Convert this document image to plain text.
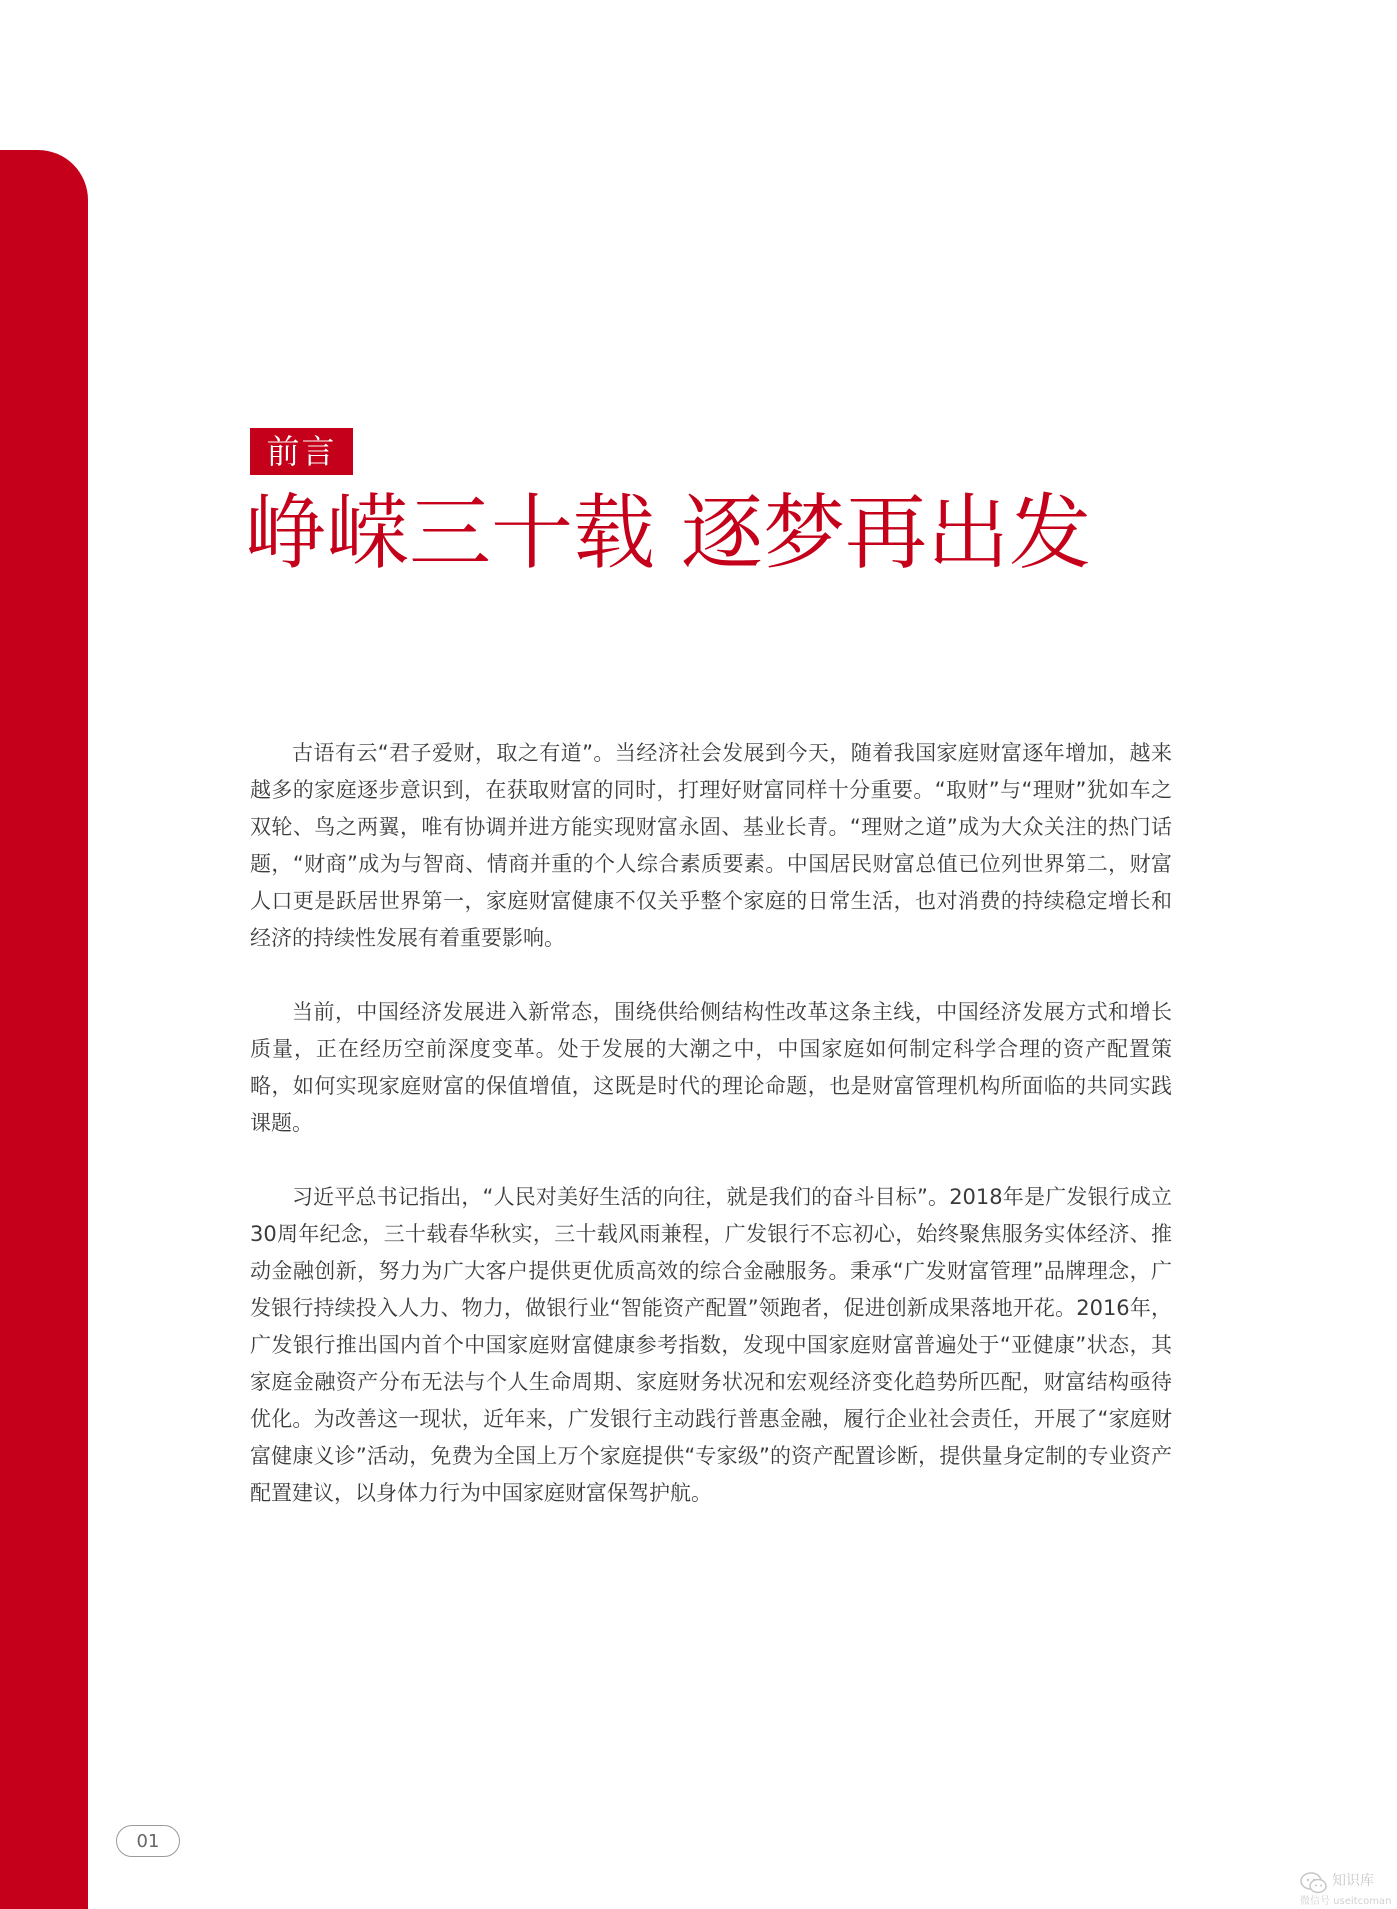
前言
峥嵘三十载 逐梦再出发

古语有云“君子爱财，取之有道”。当经济社会发展到今天，随着我国家庭财富逐年增加，越来越多的家庭逐步意识到，在获取财富的同时，打理好财富同样十分重要。“取财”与“理财”犹如车之双轮、鸟之两翼，唯有协调并进方能实现财富永固、基业长青。“理财之道”成为大众关注的热门话题，“财商”成为与智商、情商并重的个人综合素质要素。中国居民财富总值已位列世界第二，财富人口更是跃居世界第一，家庭财富健康不仅关乎整个家庭的日常生活，也对消费的持续稳定增长和经济的持续性发展有着重要影响。

当前，中国经济发展进入新常态，围绕供给侧结构性改革这条主线，中国经济发展方式和增长质量，正在经历空前深度变革。处于发展的大潮之中，中国家庭如何制定科学合理的资产配置策略，如何实现家庭财富的保值增值，这既是时代的理论命题，也是财富管理机构所面临的共同实践课题。

习近平总书记指出，“人民对美好生活的向往，就是我们的奋斗目标”。2018年是广发银行成立30周年纪念，三十载春华秋实，三十载风雨兼程，广发银行不忘初心，始终聚焦服务实体经济、推动金融创新，努力为广大客户提供更优质高效的综合金融服务。秉承“广发财富管理”品牌理念，广发银行持续投入人力、物力，做银行业“智能资产配置”领跑者，促进创新成果落地开花。2016年，广发银行推出国内首个中国家庭财富健康参考指数，发现中国家庭财富普遍处于“亚健康”状态，其家庭金融资产分布无法与个人生命周期、家庭财务状况和宏观经济变化趋势所匹配，财富结构亟待优化。为改善这一现状，近年来，广发银行主动践行普惠金融，履行企业社会责任，开展了“家庭财富健康义诊”活动，免费为全国上万个家庭提供“专家级”的资产配置诊断，提供量身定制的专业资产配置建议，以身体力行为中国家庭财富保驾护航。

01
知识库
微信号 useitcoman
